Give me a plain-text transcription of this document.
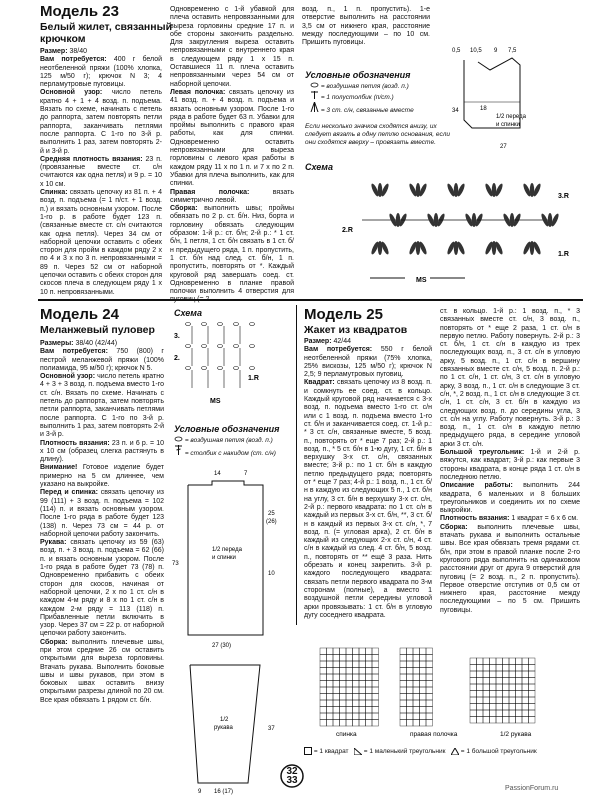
Модель 23
Белый жилет, связанный крючком

Размер: 38/40

Вам потребуется: 400 г белой неотбеленной пряжи (100% хлопка, 125 м/50 г); крючок N 3; 4 перламутровые пуговицы.

Основной узор: число петель кратно 4 + 1 + 4 возд. п. подъема. Вязать по схеме, начинать с петель до раппорта, затем повторять петли раппорта, заканчивать петлями после раппорта. С 1-го по 3-й р. выполнить 1 раз, затем повторять 2-й и 3-й р.

Средняя плотность вязания: 23 п. (провязанные вместе ст. с/н считаются как одна петля) и 9 р. = 10 х 10 см.

Спинка: связать цепочку из 81 п. + 4 возд. п. подъема (= 1 п/ст. + 1 возд. п.) и вязать основным узором. После 1-го р. в работе будет 123 п. (связанные вместе ст. с/н считаются как одна петля). Через 34 см от наборной цепочки оставить с обеих сторон для пройм в каждом ряду 2 х по 4 и 3 х по 3 п. непровязанными = 89 п. Через 52 см от наборной цепочки оставить с обеих сторон для скосов плеча в следующем ряду 1 х 10 п. непровязанными.

Одновременно с 1-й убавкой для плеча оставить непровязанными для выреза горловины средние 17 п. и обе стороны закончить раздельно. Для закругления выреза оставить непровязанными с внутреннего края в следующем ряду 1 х 15 п. Оставшиеся 11 п. плеча оставить непровязанными через 54 см от наборной цепочки.

Левая полочка: связать цепочку из 41 возд. п. + 4 возд. п. подъема и вязать основным узором. После 1-го ряда в работе будет 63 п. Убавки для проймы выполнить с правого края работы, как для спинки. Одновременно оставить непровязанными для выреза горловины с левого края работы в каждом ряду 11 х по 1 п. и 7 х по 2 п. Убавки для плеча выполнить, как для спинки.

Правая полочка: вязать симметрично левой.

Сборка: выполнить швы; проймы обвязать по 2 р. ст. б/н. Низ, борта и горловину обвязать следующим образом: 1-й р.: ст. б/н; 2-й р.: * 1 ст. б/н, 1 петля, 1 ст. б/н связать в 1 ст. б/н предыдущего ряда, 1 п. пропустить, 1 ст. б/н над след. ст. б/н, 1 п. пропустить, повторять от *. Каждый круговой ряд завершать соед. ст. Одновременно в планке правой полочки выполнить 4 отверстия для

возд. п., 1 п. пропустить). 1-е отверстие выполнить на расстоянии 3,5 см от нижнего края, расстояние между последующими – по 10 см. Пришить пуговицы.

Условные обозначения
= воздушная петля (возд. п.)
= 1 полустолбик (п/ст.)
= 3 ст. с/н, связанные вместе
Если несколько значков сходятся внизу, их следует вязать в одну петлю основания, если они сходятся вверху – провязать вместе.
0,5 10,5 9 7,5
34	18
1/2 переда
и спинки
27
Схема
3.R
2.R
1.R
MS
Модель 24
Меланжевый пуловер

Размеры: 38/40 (42/44)

Вам потребуется: 750 (800) г пестрой меланжевой пряжи (100% полиамида, 95 м/50 г); крючок N 5.

Основной узор: число петель кратно 4 + 3 + 3 возд. п. подъема вместо 1-го ст. с/н. Вязать по схеме. Начинать с петель до раппорта, затем повторять петли раппорта, заканчивать петлями после раппорта. С 1-го по 3-й р. выполнить 1 раз, затем повторять 2-й и 3-й р.

Плотность вязания: 23 п. и 6 р. = 10 х 10 см (образец слегка растянуть в длину).

Внимание! Готовое изделие будет примерно на 5 см длиннее, чем указано на выкройке.

Перед и спинка: связать цепочку из 99 (111) + 3 возд. п. подъема = 102 (114) п. и вязать основным узором. После 1-го ряда в работе будет 123 (138) п. Через 73 см = 44 р. от наборной цепочки работу закончить.

Рукава: связать цепочку из 59 (63) возд. п. + 3 возд. п. подъема = 62 (66) п. и вязать основным узором. После 1-го ряда в работе будет 73 (78) п. Одновременно прибавить с обеих сторон для скосов, начиная от наборной цепочки, 2 х по 1 ст. с/н в каждом 4-м ряду и 8 х по 1 ст. с/н в каждом 2-м ряду = 113 (118) п. Прибавленные петли включить в узор. Через 37 см = 22 р. от наборной цепочки работу закончить.

Сборка: выполнить плечевые швы, при этом средние 26 см оставить открытыми для выреза горловины. Втачать рукава. Выполнить боковые швы и швы рукавов, при этом в боковых швах оставить внизу открытыми разрезы длиной по 20 см. Все края обвязать 1 рядом ст. б/н.

Схема
2.
3.
1.R
MS
Условные обозначения
= воздушная петля (возд. п.)
= столбик с накидом (ст. с/н)
14	7
25
(26)
10
73
1/2 переда
и спинки
27 (30)
37
1/2
рукава
9 16 (17)
Модель 25
Жакет из квадратов

Размер: 42/44

Вам потребуется: 550 г белой неотбеленной пряжи (75% хлопка, 25% вискозы, 125 м/50 г); крючок N 2,5; 9 перламутровых пуговиц.

Квадрат: связать цепочку из 8 возд. п. и сомкнуть ее соед. ст. в кольцо. Каждый круговой ряд начинается с 3-х возд. п. подъема вместо 1-го ст. с/н или с 1 возд. п. подъема вместо 1-го ст. б/н и заканчивается соед. ст. 1-й р.: * 3 ст. с/н, связанные вместе, 5 возд. п., повторять от * еще 7 раз; 2-й р.: 1 возд. п., * 5 ст. б/н в 1-ю дугу, 1 ст. б/н в верхушку 3-х ст. с/н, связанных вместе; 3-й р.: по 1 ст. б/н в каждую петлю предыдущего ряда; повторять от * еще 7 раз; 4-й р.: 1 возд. п., 1 ст. б/н в каждую из следующих 5 п., 1 ст. б/н на углу, 3 ст. б/н в верхушку 3-х ст. с/н, 2-й р.: первого квадрата: по 1 ст. с/н в каждый из первых 3-х ст. б/н, **, 3 ст. б/н в каждый из первых 3-х ст. с/н, *, 7 возд. п. (= угловая арка), 2 ст. б/н в каждый из следующих 2-х ст. с/н, 4 ст. с/н в каждый из след. 4 ст. б/н, 5 возд. п., повторять от ** ещё 3 раза. Нить обрезать и конец закрепить. 3-й р. каждого последующего квадрата: связать петли первого квадрата по 3-м сторонам (полные), а вместо 1 воздушной петли середины угловой арки провязывать: 1 ст. б/н в угловую дугу соседнего квадрата.

ст. в кольцо. 1-й р.: 1 возд. п., * 3 связанных вместе ст. с/н, 3 возд. п., повторять от * еще 2 раза, 1 ст. с/н в первую петлю. Работу повернуть. 2-й р.: 3 ст. б/н, 1 ст. с/н в каждую из трех последующих возд. п., 3 ст. с/н в угловую арку, 5 возд. п., 1 ст. с/н в вершину связанных вместе ст. с/н, 5 возд. п. 2-й р.: по 1 ст. с/н, 1 ст. с/н, 3 ст. с/н в угловую арку, 3 возд. п., 1 ст. с/н в следующие 3 ст. с/н, *, 2 возд. п., 1 ст. с/н в следующие 3 ст. с/н, 1 ст. с/н, 3 ст. б/н в каждую из следующих возд. п. до середины угла, 3 ст. с/н на углу. Работу повернуть. 3-й р.: 3 возд. п., 1 ст. с/н в каждую петлю предыдущего ряда, в середине угловой арки 3 ст. с/н.

Большой треугольник: 1-й и 2-й р. вяжутся, как квадрат; 3-й р.: как первые 3 стороны квадрата, в конце ряда 1 ст. с/н в последнюю петлю.

Описание работы: выполнить 244 квадрата, 6 маленьких и 8 больших треугольников и соединить их по схеме выкройки.

Плотность вязания: 1 квадрат = 6 х 6 см.

Сборка: выполнить плечевые швы, втачать рукава и выполнить остальные швы. Все края обвязать тремя рядами ст. б/н, при этом в правой планке после 2-го кругового ряда выполнить на одинаковом расстоянии друг от друга 9 отверстий для пуговиц (= 2 возд. п., 2 п. пропустить). Первое отверстие отступив от 0,5 см от нижнего края, расстояние между последующими – по 5 см. Пришить пуговицы.

спинка	правая полочка	1/2 рукава
= 1 квадрат = 1 маленький треугольник = 1 большой треугольник
32
33
PassionForum.ru
